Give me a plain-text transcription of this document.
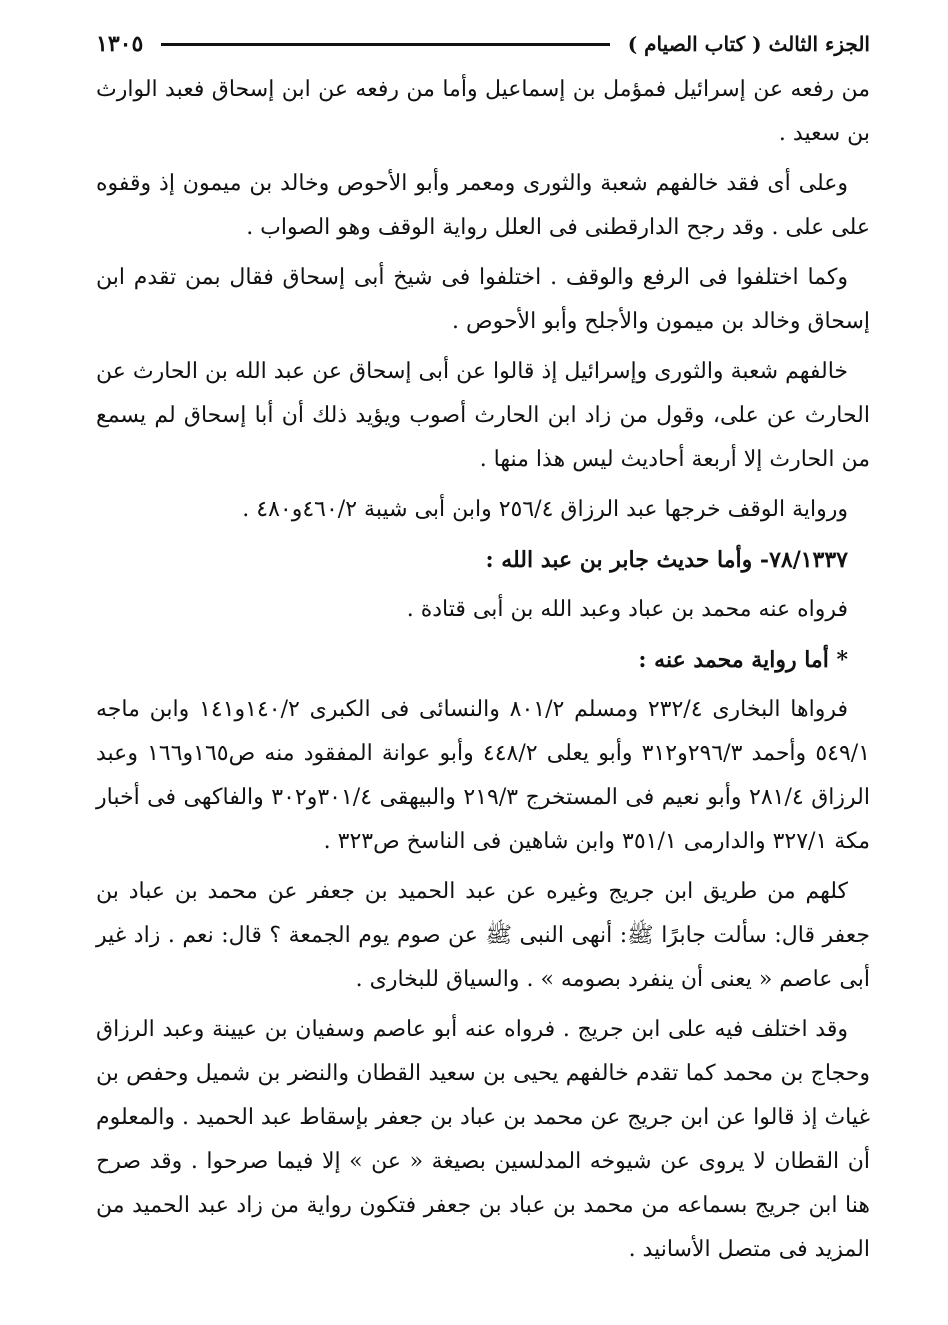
الجزء الثالث ( كتاب الصيام )
١٣٠٥

من رفعه عن إسرائيل فمؤمل بن إسماعيل وأما من رفعه عن ابن إسحاق فعبد الوارث بن سعيد .

وعلى أى فقد خالفهم شعبة والثورى ومعمر وأبو الأحوص وخالد بن ميمون إذ وقفوه على على . وقد رجح الدارقطنى فى العلل رواية الوقف وهو الصواب .

وكما اختلفوا فى الرفع والوقف . اختلفوا فى شيخ أبى إسحاق فقال بمن تقدم ابن إسحاق وخالد بن ميمون والأجلح وأبو الأحوص .

خالفهم شعبة والثورى وإسرائيل إذ قالوا عن أبى إسحاق عن عبد الله بن الحارث عن الحارث عن على، وقول من زاد ابن الحارث أصوب ويؤيد ذلك أن أبا إسحاق لم يسمع من الحارث إلا أربعة أحاديث ليس هذا منها .

ورواية الوقف خرجها عبد الرزاق ٢٥٦/٤ وابن أبى شيبة ٤٦٠/٢و٤٨٠ .

٧٨/١٣٣٧- وأما حديث جابر بن عبد الله :

فرواه عنه محمد بن عباد وعبد الله بن أبى قتادة .

* أما رواية محمد عنه :

فرواها البخارى ٢٣٢/٤ ومسلم ٨٠١/٢ والنسائى فى الكبرى ١٤٠/٢و١٤١ وابن ماجه ٥٤٩/١ وأحمد ٢٩٦/٣و٣١٢ وأبو يعلى ٤٤٨/٢ وأبو عوانة المفقود منه ص١٦٥و١٦٦ وعبد الرزاق ٢٨١/٤ وأبو نعيم فى المستخرج ٢١٩/٣ والبيهقى ٣٠١/٤و٣٠٢ والفاكهى فى أخبار مكة ٣٢٧/١ والدارمى ٣٥١/١ وابن شاهين فى الناسخ ص٣٢٣ .

كلهم من طريق ابن جريج وغيره عن عبد الحميد بن جعفر عن محمد بن عباد بن جعفر قال: سألت جابرًا ﷺ: أنهى النبى ﷺ عن صوم يوم الجمعة ؟ قال: نعم . زاد غير أبى عاصم « يعنى أن ينفرد بصومه » . والسياق للبخارى .

وقد اختلف فيه على ابن جريج . فرواه عنه أبو عاصم وسفيان بن عيينة وعبد الرزاق وحجاج بن محمد كما تقدم خالفهم يحيى بن سعيد القطان والنضر بن شميل وحفص بن غياث إذ قالوا عن ابن جريج عن محمد بن عباد بن جعفر بإسقاط عبد الحميد . والمعلوم أن القطان لا يروى عن شيوخه المدلسين بصيغة « عن » إلا فيما صرحوا . وقد صرح هنا ابن جريج بسماعه من محمد بن عباد بن جعفر فتكون رواية من زاد عبد الحميد من المزيد فى متصل الأسانيد .
